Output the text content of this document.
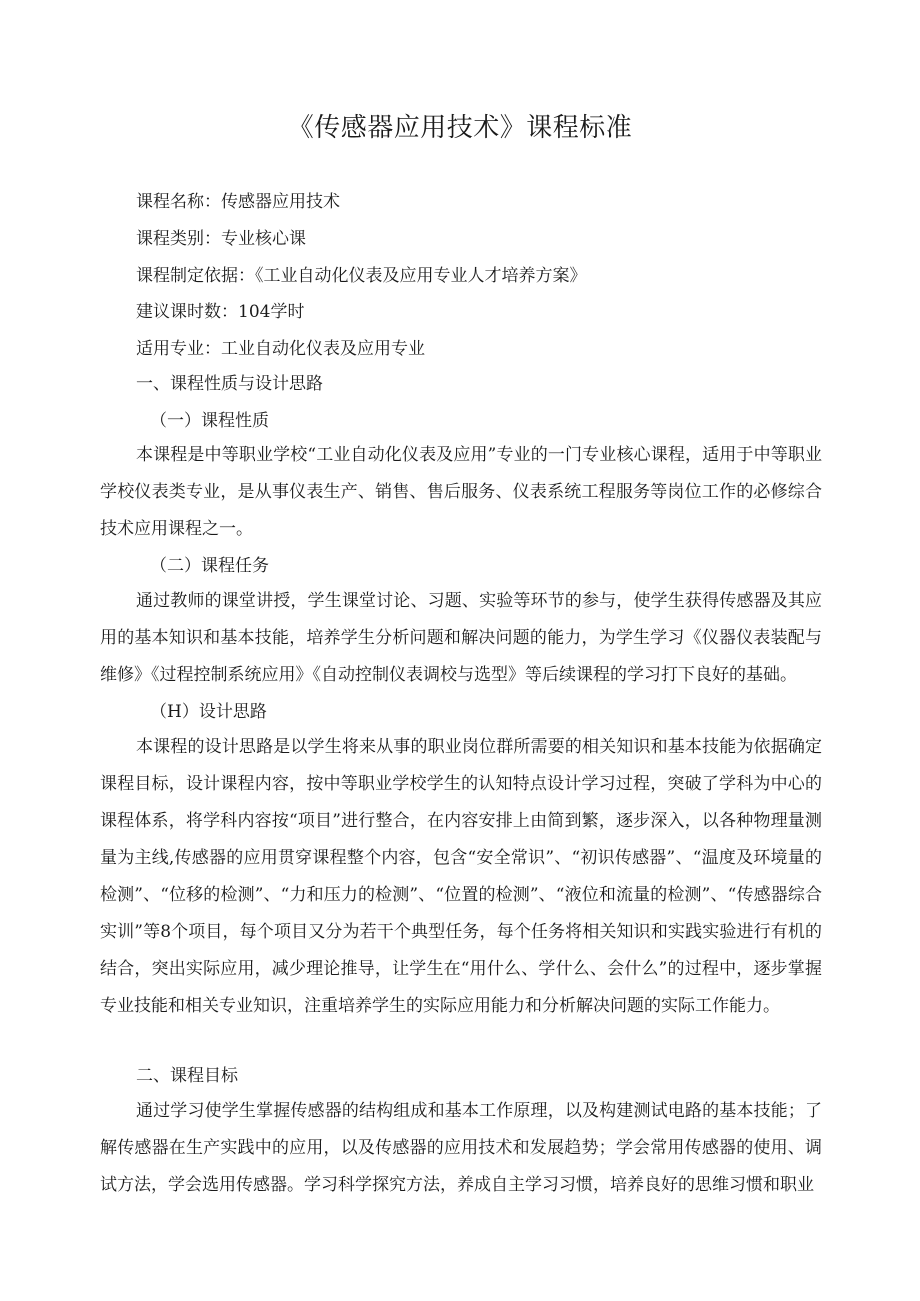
《传感器应用技术》课程标准
课程名称：传感器应用技术
课程类别：专业核心课
课程制定依据：《工业自动化仪表及应用专业人才培养方案》
建议课时数：104学时
适用专业：工业自动化仪表及应用专业
一、课程性质与设计思路
（一）课程性质

本课程是中等职业学校“工业自动化仪表及应用”专业的一门专业核心课程，适用于中等职业学校仪表类专业，是从事仪表生产、销售、售后服务、仪表系统工程服务等岗位工作的必修综合技术应用课程之一。

（二）课程任务

通过教师的课堂讲授，学生课堂讨论、习题、实验等环节的参与，使学生获得传感器及其应用的基本知识和基本技能，培养学生分析问题和解决问题的能力，为学生学习《仪器仪表装配与维修》《过程控制系统应用》《自动控制仪表调校与选型》等后续课程的学习打下良好的基础。

（H）设计思路

本课程的设计思路是以学生将来从事的职业岗位群所需要的相关知识和基本技能为依据确定课程目标，设计课程内容，按中等职业学校学生的认知特点设计学习过程，突破了学科为中心的课程体系，将学科内容按“项目”进行整合，在内容安排上由简到繁，逐步深入，以各种物理量测量为主线,传感器的应用贯穿课程整个内容，包含“安全常识”、“初识传感器”、“温度及环境量的检测”、“位移的检测”、“力和压力的检测”、“位置的检测”、“液位和流量的检测”、“传感器综合实训”等8个项目，每个项目又分为若干个典型任务，每个任务将相关知识和实践实验进行有机的结合，突出实际应用，减少理论推导，让学生在“用什么、学什么、会什么”的过程中，逐步掌握专业技能和相关专业知识，注重培养学生的实际应用能力和分析解决问题的实际工作能力。

二、课程目标

通过学习使学生掌握传感器的结构组成和基本工作原理，以及构建测试电路的基本技能；了解传感器在生产实践中的应用，以及传感器的应用技术和发展趋势；学会常用传感器的使用、调试方法，学会选用传感器。学习科学探究方法，养成自主学习习惯，培养良好的思维习惯和职业
